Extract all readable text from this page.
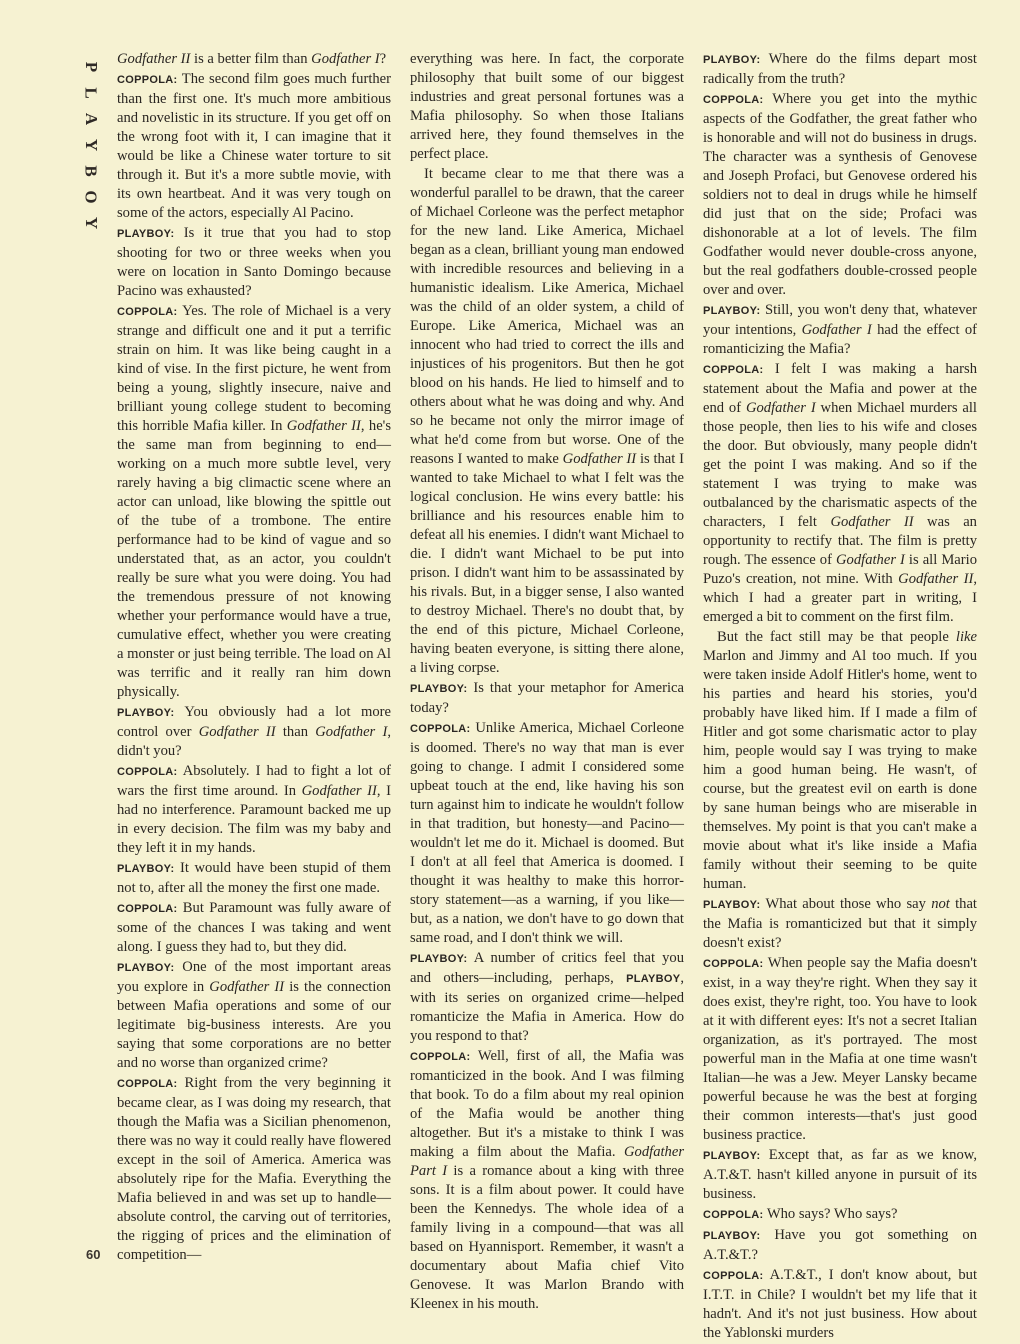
P
L
A
Y
B
O
Y

Godfather II is a better film than Godfather I?

COPPOLA: The second film goes much further than the first one. It's much more ambitious and novelistic in its structure. If you get off on the wrong foot with it, I can imagine that it would be like a Chinese water torture to sit through it. But it's a more subtle movie, with its own heartbeat. And it was very tough on some of the actors, especially Al Pacino.

PLAYBOY: Is it true that you had to stop shooting for two or three weeks when you were on location in Santo Domingo because Pacino was exhausted?

COPPOLA: Yes. The role of Michael is a very strange and difficult one and it put a terrific strain on him. It was like being caught in a kind of vise. In the first picture, he went from being a young, slightly insecure, naive and brilliant young college student to becoming this horrible Mafia killer. In Godfather II, he's the same man from beginning to end—working on a much more subtle level, very rarely having a big climactic scene where an actor can unload, like blowing the spittle out of the tube of a trombone. The entire performance had to be kind of vague and so understated that, as an actor, you couldn't really be sure what you were doing. You had the tremendous pressure of not knowing whether your performance would have a true, cumulative effect, whether you were creating a monster or just being terrible. The load on Al was terrific and it really ran him down physically.

PLAYBOY: You obviously had a lot more control over Godfather II than Godfather I, didn't you?

COPPOLA: Absolutely. I had to fight a lot of wars the first time around. In Godfather II, I had no interference. Paramount backed me up in every decision. The film was my baby and they left it in my hands.

PLAYBOY: It would have been stupid of them not to, after all the money the first one made.

COPPOLA: But Paramount was fully aware of some of the chances I was taking and went along. I guess they had to, but they did.

PLAYBOY: One of the most important areas you explore in Godfather II is the connection between Mafia operations and some of our legitimate big-business interests. Are you saying that some corporations are no better and no worse than organized crime?

COPPOLA: Right from the very beginning it became clear, as I was doing my research, that though the Mafia was a Sicilian phenomenon, there was no way it could really have flowered except in the soil of America. America was absolutely ripe for the Mafia. Everything the Mafia believed in and was set up to handle—absolute control, the carving out of territories, the rigging of prices and the elimination of competition—

everything was here. In fact, the corporate philosophy that built some of our biggest industries and great personal fortunes was a Mafia philosophy. So when those Italians arrived here, they found themselves in the perfect place.

It became clear to me that there was a wonderful parallel to be drawn, that the career of Michael Corleone was the perfect metaphor for the new land. Like America, Michael began as a clean, brilliant young man endowed with incredible resources and believing in a humanistic idealism. Like America, Michael was the child of an older system, a child of Europe. Like America, Michael was an innocent who had tried to correct the ills and injustices of his progenitors. But then he got blood on his hands. He lied to himself and to others about what he was doing and why. And so he became not only the mirror image of what he'd come from but worse. One of the reasons I wanted to make Godfather II is that I wanted to take Michael to what I felt was the logical conclusion. He wins every battle: his brilliance and his resources enable him to defeat all his enemies. I didn't want Michael to die. I didn't want Michael to be put into prison. I didn't want him to be assassinated by his rivals. But, in a bigger sense, I also wanted to destroy Michael. There's no doubt that, by the end of this picture, Michael Corleone, having beaten everyone, is sitting there alone, a living corpse.

PLAYBOY: Is that your metaphor for America today?

COPPOLA: Unlike America, Michael Corleone is doomed. There's no way that man is ever going to change. I admit I considered some upbeat touch at the end, like having his son turn against him to indicate he wouldn't follow in that tradition, but honesty—and Pacino—wouldn't let me do it. Michael is doomed. But I don't at all feel that America is doomed. I thought it was healthy to make this horror-story statement—as a warning, if you like—but, as a nation, we don't have to go down that same road, and I don't think we will.

PLAYBOY: A number of critics feel that you and others—including, perhaps, PLAYBOY, with its series on organized crime—helped romanticize the Mafia in America. How do you respond to that?

COPPOLA: Well, first of all, the Mafia was romanticized in the book. And I was filming that book. To do a film about my real opinion of the Mafia would be another thing altogether. But it's a mistake to think I was making a film about the Mafia. Godfather Part I is a romance about a king with three sons. It is a film about power. It could have been the Kennedys. The whole idea of a family living in a compound—that was all based on Hyannisport. Remember, it wasn't a documentary about Mafia chief Vito Genovese. It was Marlon Brando with Kleenex in his mouth.

PLAYBOY: Where do the films depart most radically from the truth?

COPPOLA: Where you get into the mythic aspects of the Godfather, the great father who is honorable and will not do business in drugs. The character was a synthesis of Genovese and Joseph Profaci, but Genovese ordered his soldiers not to deal in drugs while he himself did just that on the side; Profaci was dishonorable at a lot of levels. The film Godfather would never double-cross anyone, but the real godfathers double-crossed people over and over.

PLAYBOY: Still, you won't deny that, whatever your intentions, Godfather I had the effect of romanticizing the Mafia?

COPPOLA: I felt I was making a harsh statement about the Mafia and power at the end of Godfather I when Michael murders all those people, then lies to his wife and closes the door. But obviously, many people didn't get the point I was making. And so if the statement I was trying to make was outbalanced by the charismatic aspects of the characters, I felt Godfather II was an opportunity to rectify that. The film is pretty rough. The essence of Godfather I is all Mario Puzo's creation, not mine. With Godfather II, which I had a greater part in writing, I emerged a bit to comment on the first film.

But the fact still may be that people like Marlon and Jimmy and Al too much. If you were taken inside Adolf Hitler's home, went to his parties and heard his stories, you'd probably have liked him. If I made a film of Hitler and got some charismatic actor to play him, people would say I was trying to make him a good human being. He wasn't, of course, but the greatest evil on earth is done by sane human beings who are miserable in themselves. My point is that you can't make a movie about what it's like inside a Mafia family without their seeming to be quite human.

PLAYBOY: What about those who say not that the Mafia is romanticized but that it simply doesn't exist?

COPPOLA: When people say the Mafia doesn't exist, in a way they're right. When they say it does exist, they're right, too. You have to look at it with different eyes: It's not a secret Italian organization, as it's portrayed. The most powerful man in the Mafia at one time wasn't Italian—he was a Jew. Meyer Lansky became powerful because he was the best at forging their common interests—that's just good business practice.

PLAYBOY: Except that, as far as we know, A.T.&T. hasn't killed anyone in pursuit of its business.

COPPOLA: Who says? Who says?

PLAYBOY: Have you got something on A.T.&T.?

COPPOLA: A.T.&T., I don't know about, but I.T.T. in Chile? I wouldn't bet my life that it hadn't. And it's not just business. How about the Yablonski murders

60
